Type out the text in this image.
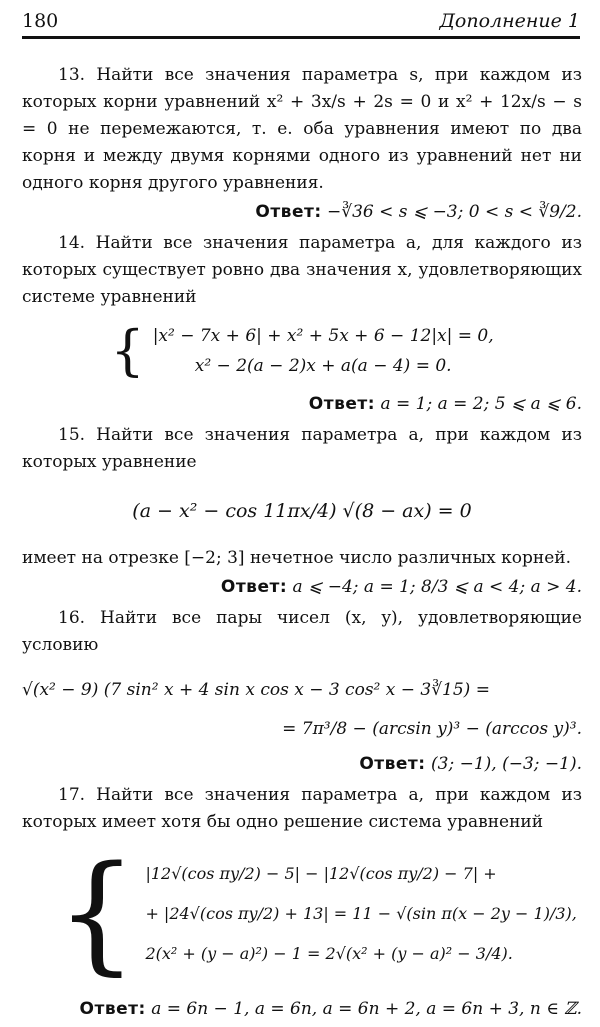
180	Дополнение 1

13. Найти все значения параметра s, при каждом из которых корни уравнений x² + 3x/s + 2s = 0 и x² + 12x/s − s = 0 не перемежаются, т. е. оба уравнения имеют по два корня и между двумя корнями одного из уравнений нет ни одного корня другого уравнения.

Ответ: −∛36 < s ⩽ −3; 0 < s < ∛9/2.

14. Найти все значения параметра a, для каждого из которых существует ровно два значения x, удовлетворяющих системе уравнений

{ |x² − 7x + 6| + x² + 5x + 6 − 12|x| = 0,
x² − 2(a − 2)x + a(a − 4) = 0.

Ответ: a = 1; a = 2; 5 ⩽ a ⩽ 6.

15. Найти все значения параметра a, при каждом из которых уравнение

(a − x² − cos 11πx/4) √(8 − ax) = 0

имеет на отрезке [−2; 3] нечетное число различных корней.

Ответ: a ⩽ −4; a = 1; 8/3 ⩽ a < 4; a > 4.

16. Найти все пары чисел (x, y), удовлетворяющие условию

√(x² − 9) (7 sin² x + 4 sin x cos x − 3 cos² x − 3∛15) =
= 7π³/8 − (arcsin y)³ − (arccos y)³.

Ответ: (3; −1), (−3; −1).

17. Найти все значения параметра a, при каждом из которых имеет хотя бы одно решение система уравнений

{ |12√(cos πy/2) − 5| − |12√(cos πy/2) − 7| +
+ |24√(cos πy/2) + 13| = 11 − √(sin π(x − 2y − 1)/3),
2(x² + (y − a)²) − 1 = 2√(x² + (y − a)² − 3/4).

Ответ: a = 6n − 1, a = 6n, a = 6n + 2, a = 6n + 3, n ∈ ℤ.
